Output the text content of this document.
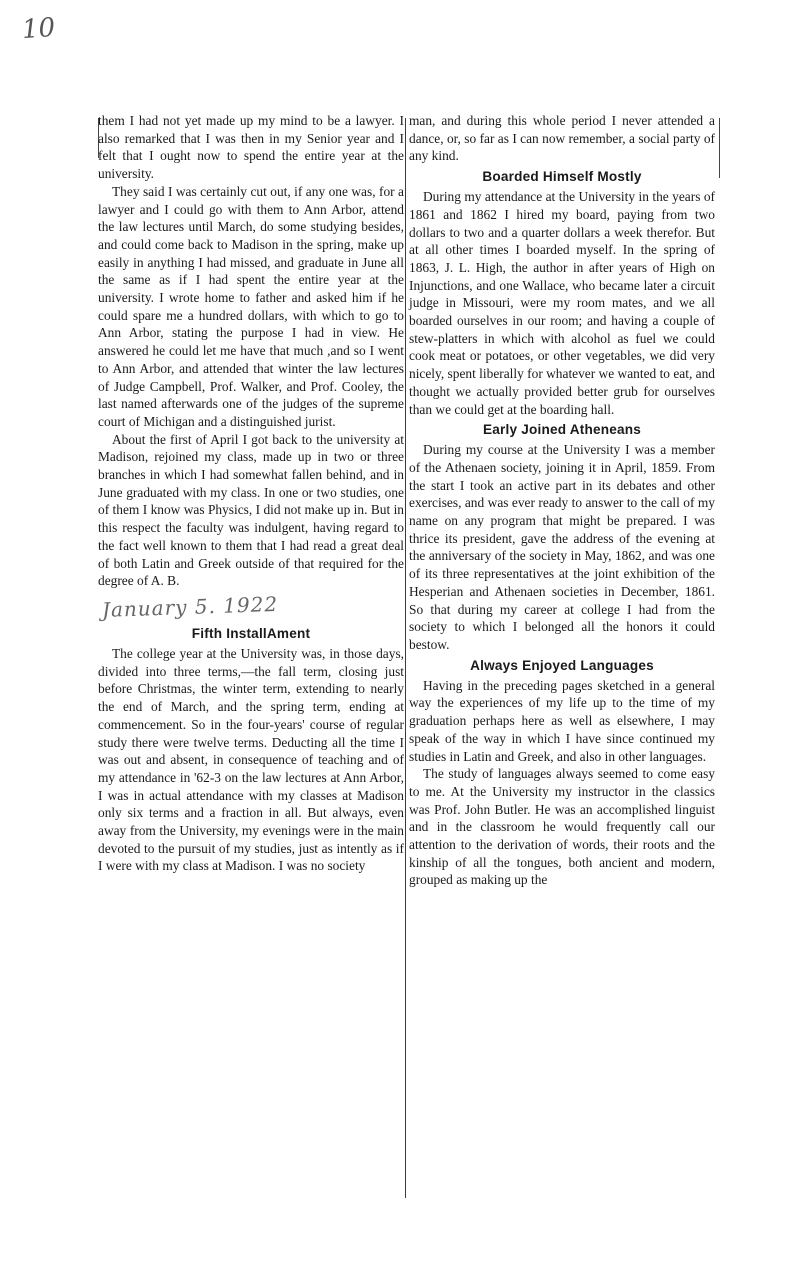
10

them I had not yet made up my mind to be a lawyer. I also remarked that I was then in my Senior year and I felt that I ought now to spend the entire year at the university.

They said I was certainly cut out, if any one was, for a lawyer and I could go with them to Ann Arbor, attend the law lectures until March, do some studying besides, and could come back to Madison in the spring, make up easily in anything I had missed, and graduate in June all the same as if I had spent the entire year at the university. I wrote home to father and asked him if he could spare me a hundred dollars, with which to go to Ann Arbor, stating the purpose I had in view. He answered he could let me have that much ,and so I went to Ann Arbor, and attended that winter the law lectures of Judge Campbell, Prof. Walker, and Prof. Cooley, the last named afterwards one of the judges of the supreme court of Michigan and a distinguished jurist.

About the first of April I got back to the university at Madison, rejoined my class, made up in two or three branches in which I had somewhat fallen behind, and in June graduated with my class. In one or two studies, one of them I know was Physics, I did not make up in. But in this respect the faculty was indulgent, having regard to the fact well known to them that I had read a great deal of both Latin and Greek outside of that required for the degree of A. B.

January 5. 1922
Fifth InstallAment

The college year at the University was, in those days, divided into three terms,—the fall term, closing just before Christmas, the winter term, extending to nearly the end of March, and the spring term, ending at commencement. So in the four-years' course of regular study there were twelve terms. Deducting all the time I was out and absent, in consequence of teaching and of my attendance in '62-3 on the law lectures at Ann Arbor, I was in actual attendance with my classes at Madison only six terms and a fraction in all. But always, even away from the University, my evenings were in the main devoted to the pursuit of my studies, just as intently as if I were with my class at Madison. I was no society

man, and during this whole period I never attended a dance, or, so far as I can now remember, a social party of any kind.

Boarded Himself Mostly

During my attendance at the University in the years of 1861 and 1862 I hired my board, paying from two dollars to two and a quarter dollars a week therefor. But at all other times I boarded myself. In the spring of 1863, J. L. High, the author in after years of High on Injunctions, and one Wallace, who became later a circuit judge in Missouri, were my room mates, and we all boarded ourselves in our room; and having a couple of stew-platters in which with alcohol as fuel we could cook meat or potatoes, or other vegetables, we did very nicely, spent liberally for whatever we wanted to eat, and thought we actually provided better grub for ourselves than we could get at the boarding hall.

Early Joined Atheneans

During my course at the University I was a member of the Athenaen society, joining it in April, 1859. From the start I took an active part in its debates and other exercises, and was ever ready to answer to the call of my name on any program that might be prepared. I was thrice its president, gave the address of the evening at the anniversary of the society in May, 1862, and was one of its three representatives at the joint exhibition of the Hesperian and Athenaen societies in December, 1861. So that during my career at college I had from the society to which I belonged all the honors it could bestow.

Always Enjoyed Languages

Having in the preceding pages sketched in a general way the experiences of my life up to the time of my graduation perhaps here as well as elsewhere, I may speak of the way in which I have since continued my studies in Latin and Greek, and also in other languages.

The study of languages always seemed to come easy to me. At the University my instructor in the classics was Prof. John Butler. He was an accomplished linguist and in the classroom he would frequently call our attention to the derivation of words, their roots and the kinship of all the tongues, both ancient and modern, grouped as making up the
